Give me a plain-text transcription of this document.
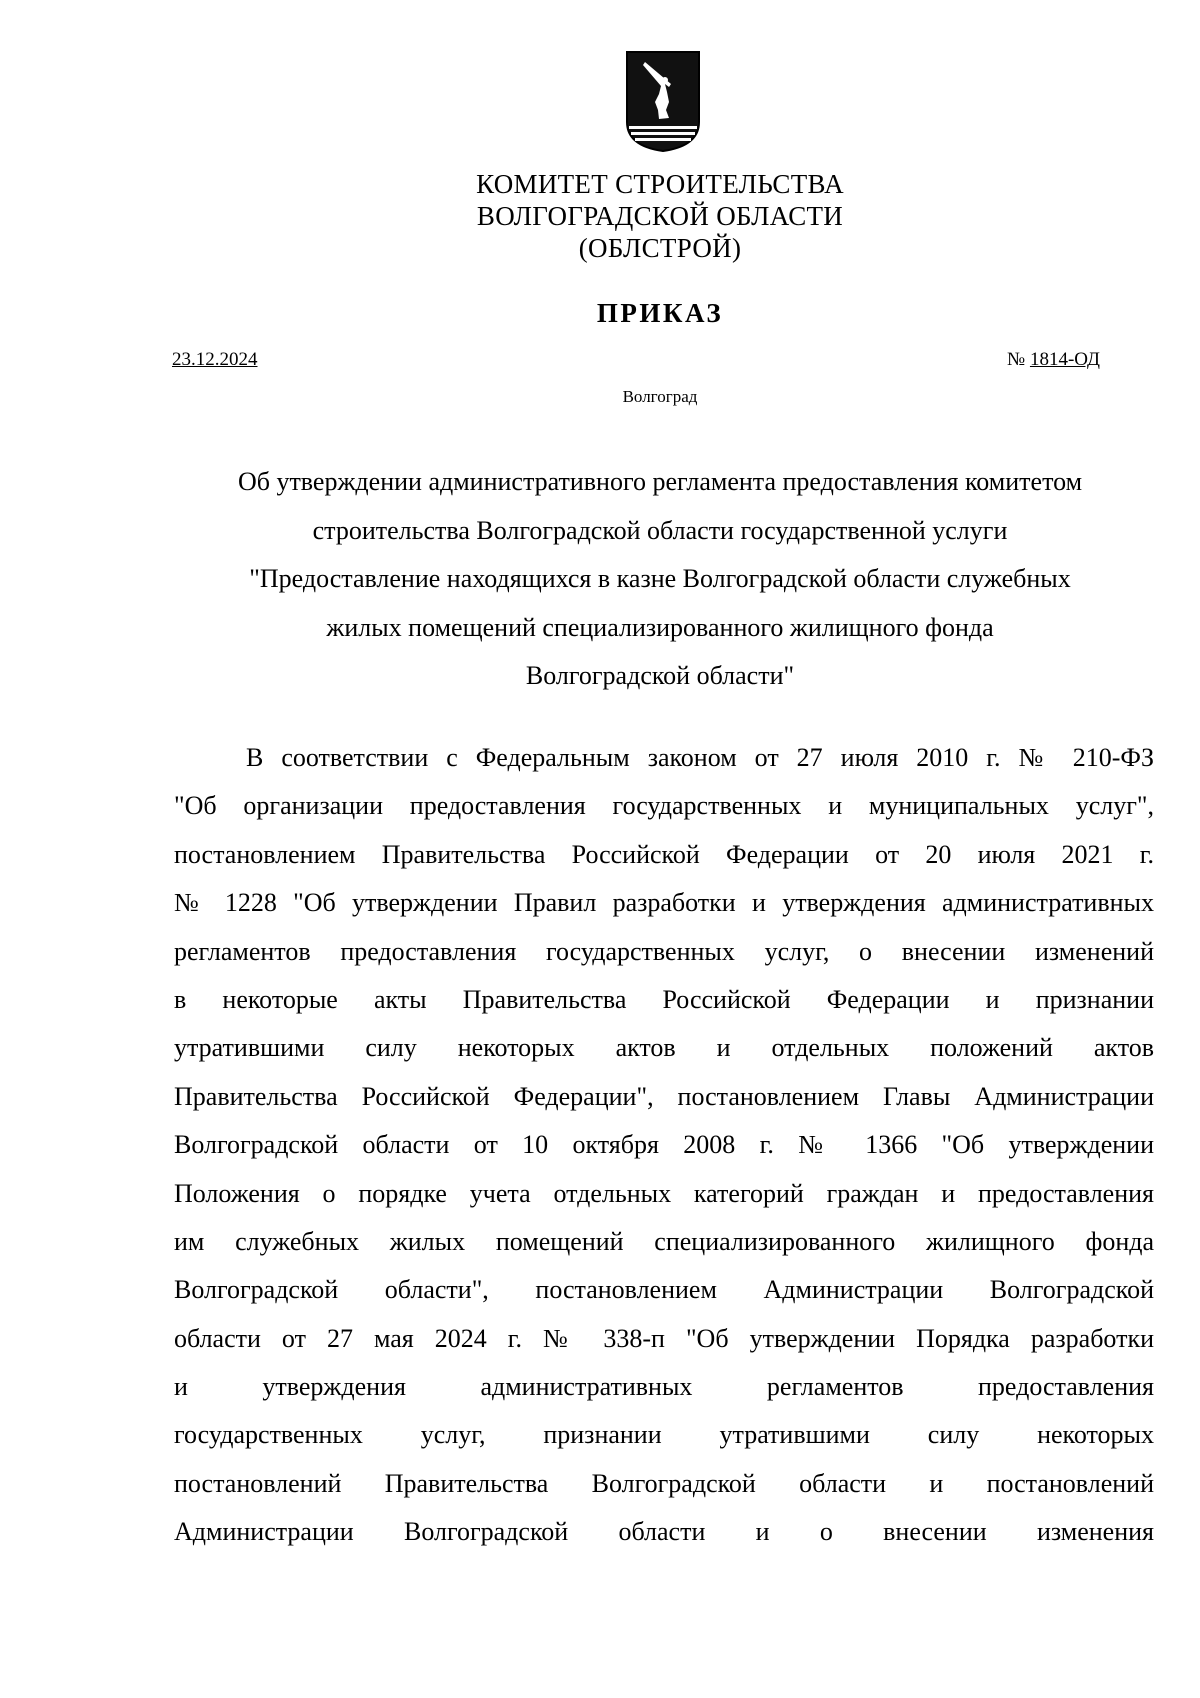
КОМИТЕТ СТРОИТЕЛЬСТВА
ВОЛГОГРАДСКОЙ ОБЛАСТИ
(ОБЛСТРОЙ)
ПРИКАЗ
23.12.2024	№ 1814-ОД
Волгоград
Об утверждении административного регламента предоставления комитетом
строительства Волгоградской области государственной услуги
"Предоставление находящихся в казне Волгоградской области служебных
жилых помещений специализированного жилищного фонда
Волгоградской области"
В соответствии с Федеральным законом от 27 июля 2010 г. № 210-ФЗ
"Об организации предоставления государственных и муниципальных услуг",
постановлением Правительства Российской Федерации от 20 июля 2021 г.
№ 1228 "Об утверждении Правил разработки и утверждения административных
регламентов предоставления государственных услуг, о внесении изменений
в некоторые акты Правительства Российской Федерации и признании
утратившими силу некоторых актов и отдельных положений актов
Правительства Российской Федерации", постановлением Главы Администрации
Волгоградской области от 10 октября 2008 г. № 1366 "Об утверждении
Положения о порядке учета отдельных категорий граждан и предоставления
им служебных жилых помещений специализированного жилищного фонда
Волгоградской области", постановлением Администрации Волгоградской
области от 27 мая 2024 г. № 338-п "Об утверждении Порядка разработки
и утверждения административных регламентов предоставления
государственных услуг, признании утратившими силу некоторых
постановлений Правительства Волгоградской области и постановлений
Администрации Волгоградской области и о внесении изменения
